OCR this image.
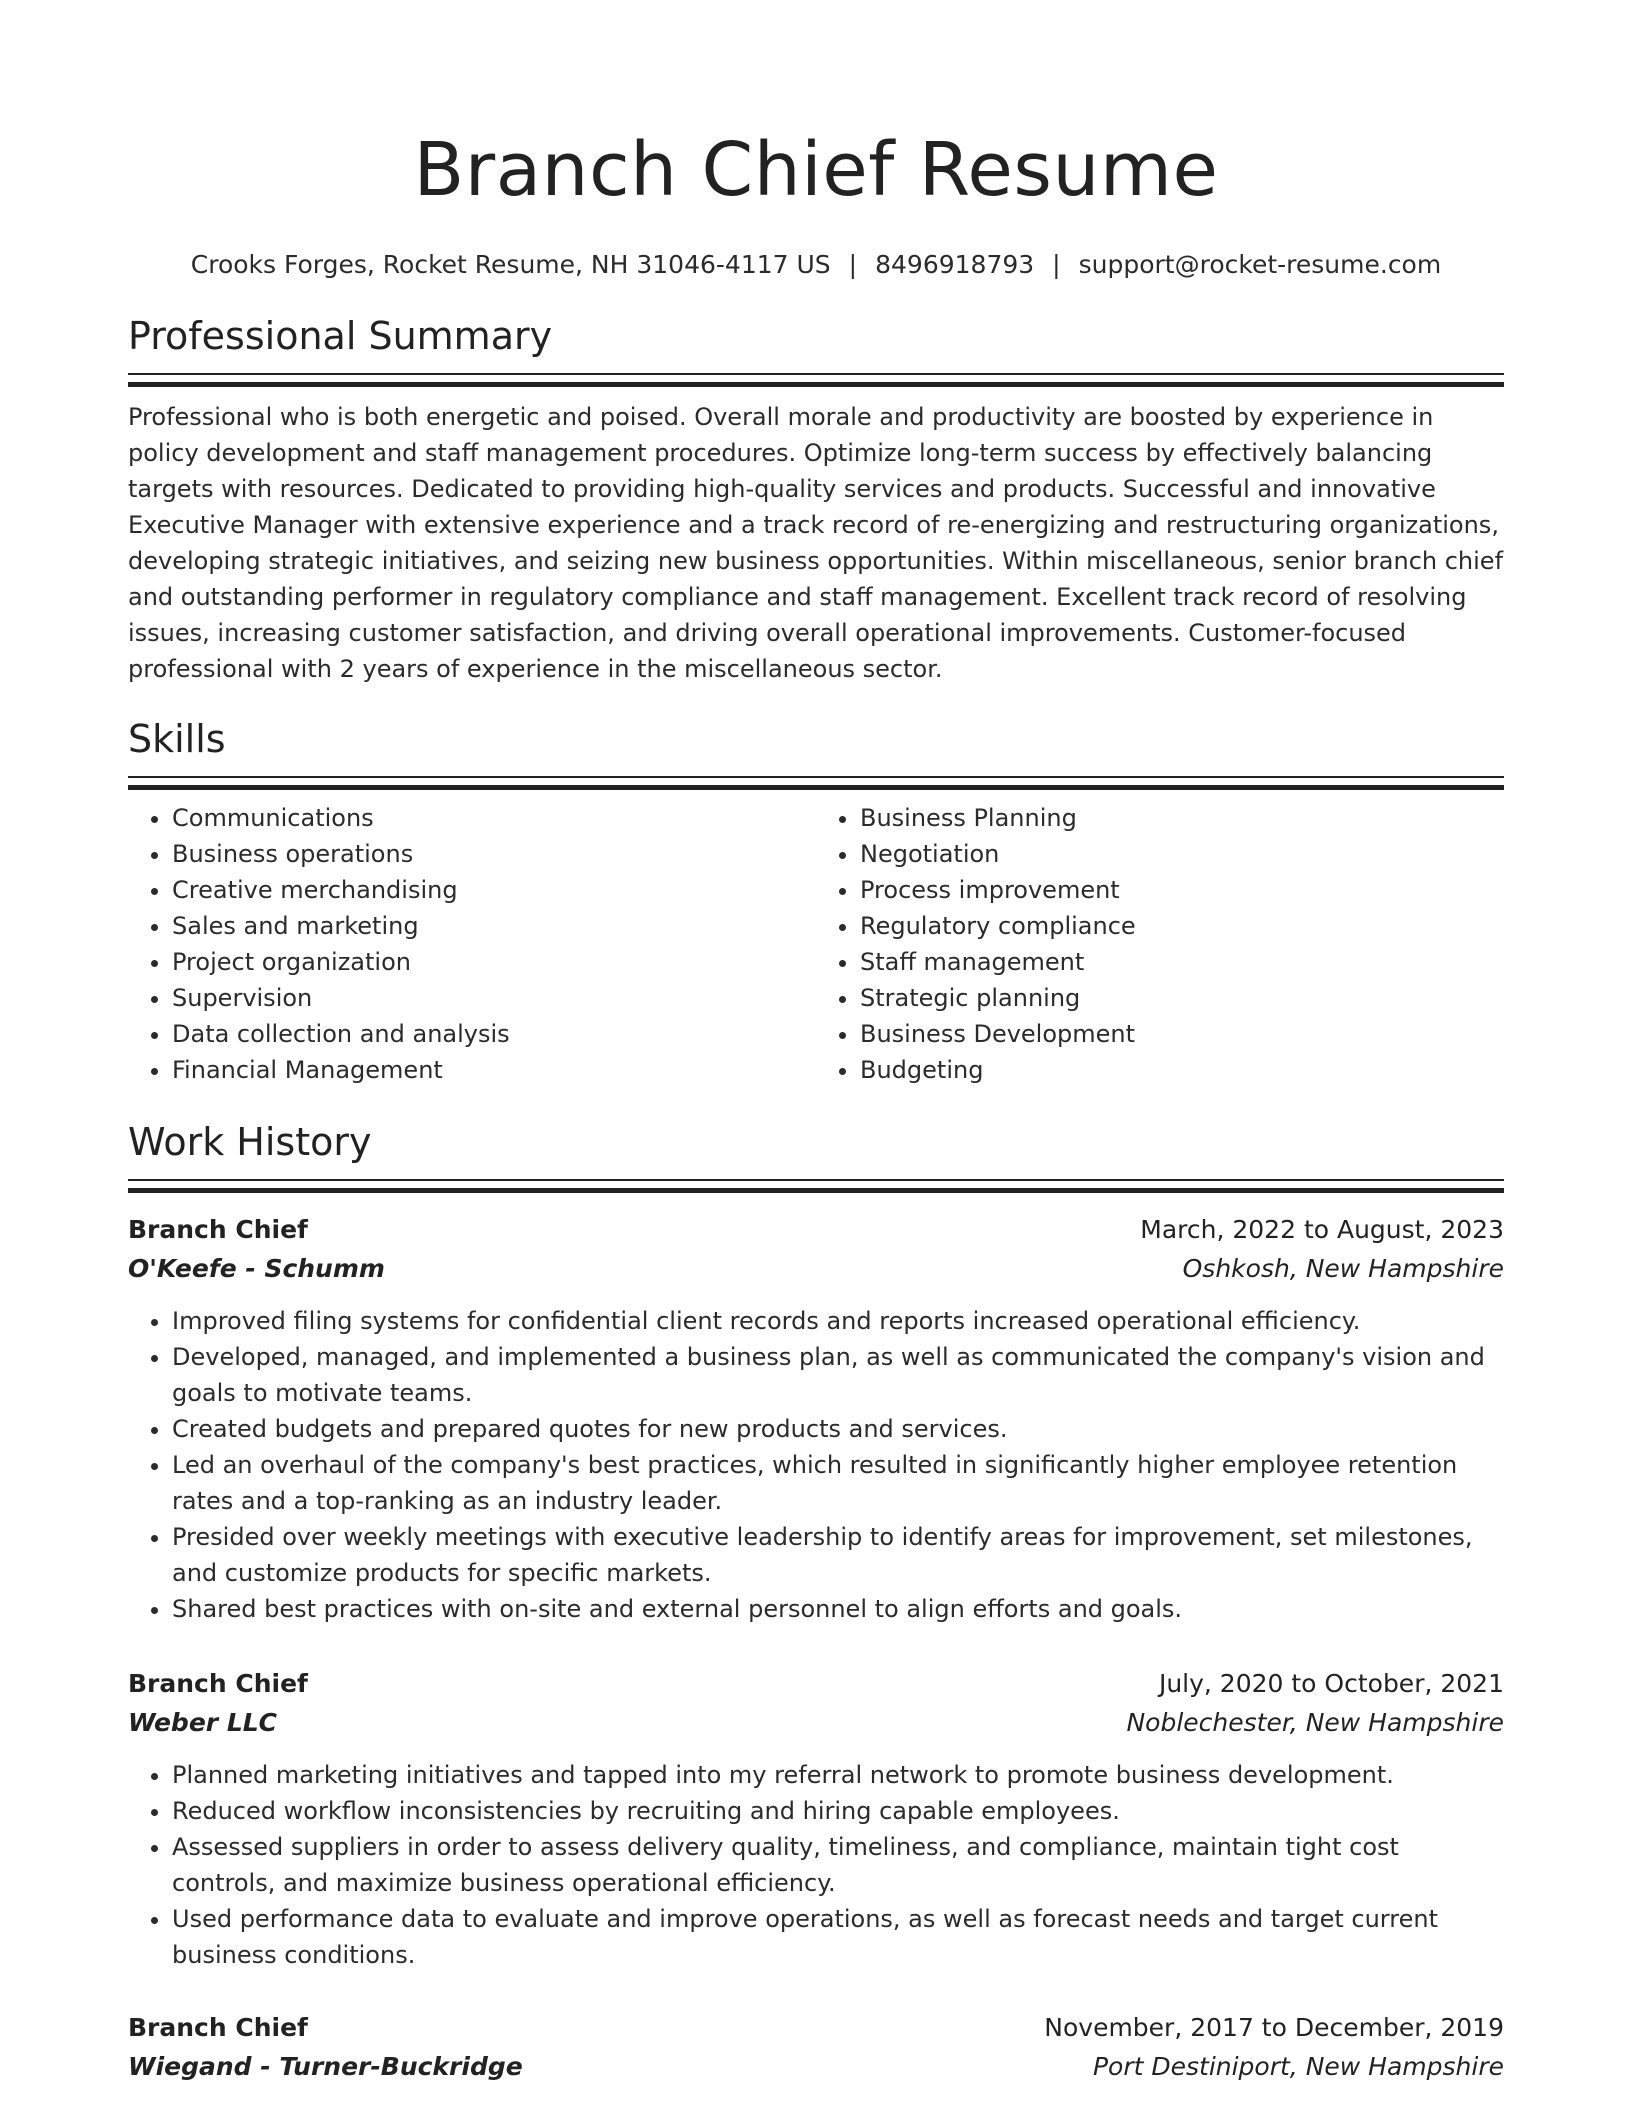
Branch Chief Resume
Crooks Forges, Rocket Resume, NH 31046-4117 US | 8496918793 | support@rocket-resume.com
Professional Summary

Professional who is both energetic and poised. Overall morale and productivity are boosted by experience in policy development and staff management procedures. Optimize long-term success by effectively balancing targets with resources. Dedicated to providing high-quality services and products. Successful and innovative Executive Manager with extensive experience and a track record of re-energizing and restructuring organizations, developing strategic initiatives, and seizing new business opportunities. Within miscellaneous, senior branch chief and outstanding performer in regulatory compliance and staff management. Excellent track record of resolving issues, increasing customer satisfaction, and driving overall operational improvements. Customer-focused professional with 2 years of experience in the miscellaneous sector.

Skills
• Communications
• Business operations
• Creative merchandising
• Sales and marketing
• Project organization
• Supervision
• Data collection and analysis
• Financial Management
• Business Planning
• Negotiation
• Process improvement
• Regulatory compliance
• Staff management
• Strategic planning
• Business Development
• Budgeting
Work History
Branch Chief	March, 2022 to August, 2023
O'Keefe - Schumm	Oshkosh, New Hampshire
• Improved filing systems for confidential client records and reports increased operational efficiency.
• Developed, managed, and implemented a business plan, as well as communicated the company's vision and goals to motivate teams.
• Created budgets and prepared quotes for new products and services.
• Led an overhaul of the company's best practices, which resulted in significantly higher employee retention rates and a top-ranking as an industry leader.
• Presided over weekly meetings with executive leadership to identify areas for improvement, set milestones, and customize products for specific markets.
• Shared best practices with on-site and external personnel to align efforts and goals.
Branch Chief	July, 2020 to October, 2021
Weber LLC	Noblechester, New Hampshire
• Planned marketing initiatives and tapped into my referral network to promote business development.
• Reduced workflow inconsistencies by recruiting and hiring capable employees.
• Assessed suppliers in order to assess delivery quality, timeliness, and compliance, maintain tight cost controls, and maximize business operational efficiency.
• Used performance data to evaluate and improve operations, as well as forecast needs and target current business conditions.
Branch Chief	November, 2017 to December, 2019
Wiegand - Turner-Buckridge	Port Destiniport, New Hampshire
